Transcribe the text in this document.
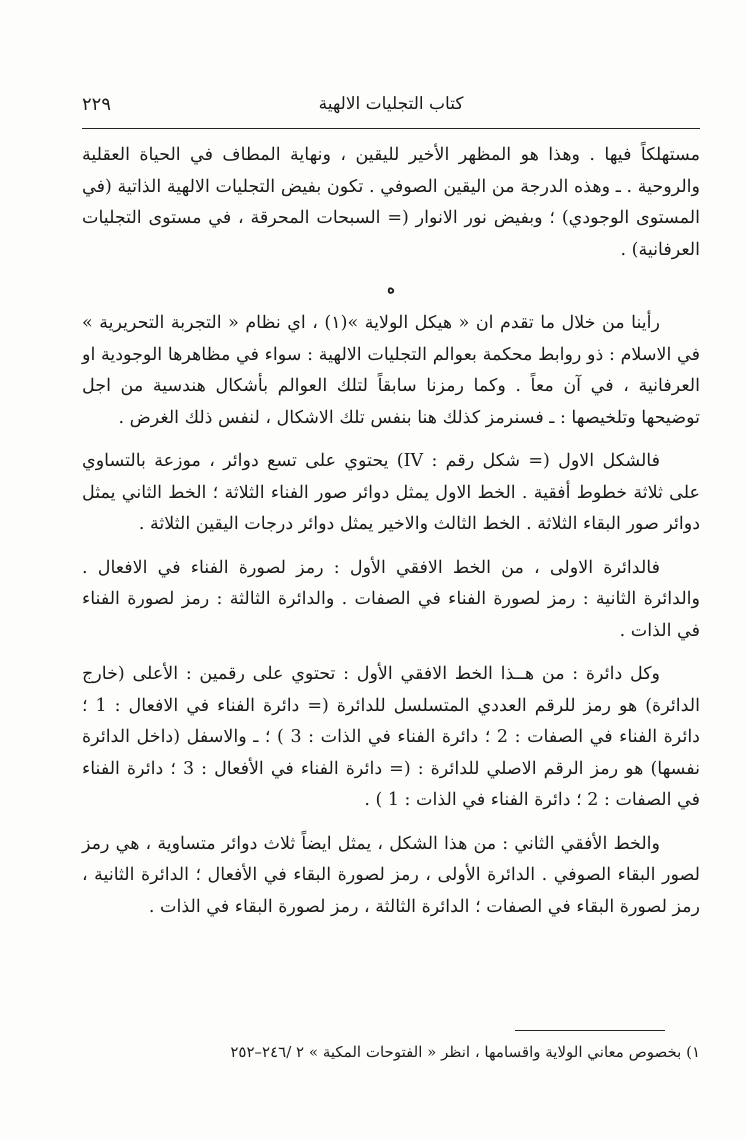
٢٢٩	كتاب التجليات الالهية

مستهلكاً فيها . وهذا هو المظهر الأخير لليقين ، ونهاية المطاف في الحياة العقلية والروحية . ـ وهذه الدرجة من اليقين الصوفي . تكون بفيض التجليات الالهية الذاتية (في المستوى الوجودي) ؛ وبفيض نور الانوار (= السبحات المحرقة ، في مستوى التجليات العرفانية) .

ه

رأينا من خلال ما تقدم ان « هيكل الولاية »(١) ، اي نظام « التجربة التحريرية » في الاسلام : ذو روابط محكمة بعوالم التجليات الالهية : سواء في مظاهرها الوجودية او العرفانية ، في آن معاً . وكما رمزنا سابقاً لتلك العوالم بأشكال هندسية من اجل توضيحها وتلخيصها : ـ فسنرمز كذلك هنا بنفس تلك الاشكال ، لنفس ذلك الغرض .

فالشكل الاول (= شكل رقم : IV) يحتوي على تسع دوائر ، موزعة بالتساوي على ثلاثة خطوط أفقية . الخط الاول يمثل دوائر صور الفناء الثلاثة ؛ الخط الثاني يمثل دوائر صور البقاء الثلاثة . الخط الثالث والاخير يمثل دوائر درجات اليقين الثلاثة .

فالدائرة الاولى ، من الخط الافقي الأول : رمز لصورة الفناء في الافعال . والدائرة الثانية : رمز لصورة الفناء في الصفات . والدائرة الثالثة : رمز لصورة الفناء في الذات .

وكل دائرة : من هــذا الخط الافقي الأول : تحتوي على رقمين : الأعلى (خارج الدائرة) هو رمز للرقم العددي المتسلسل للدائرة (= دائرة الفناء في الافعال : 1 ؛ دائرة الفناء في الصفات : 2 ؛ دائرة الفناء في الذات : 3 ) ؛ ـ والاسفل (داخل الدائرة نفسها) هو رمز الرقم الاصلي للدائرة : (= دائرة الفناء في الأفعال : 3 ؛ دائرة الفناء في الصفات : 2 ؛ دائرة الفناء في الذات : 1 ) .

والخط الأفقي الثاني : من هذا الشكل ، يمثل ايضاً ثلاث دوائر متساوية ، هي رمز لصور البقاء الصوفي . الدائرة الأولى ، رمز لصورة البقاء في الأفعال ؛ الدائرة الثانية ، رمز لصورة البقاء في الصفات ؛ الدائرة الثالثة ، رمز لصورة البقاء في الذات .

١) بخصوص معاني الولاية واقسامها ، انظر « الفتوحات المكية » ٢ /٢٤٦–٢٥٢
